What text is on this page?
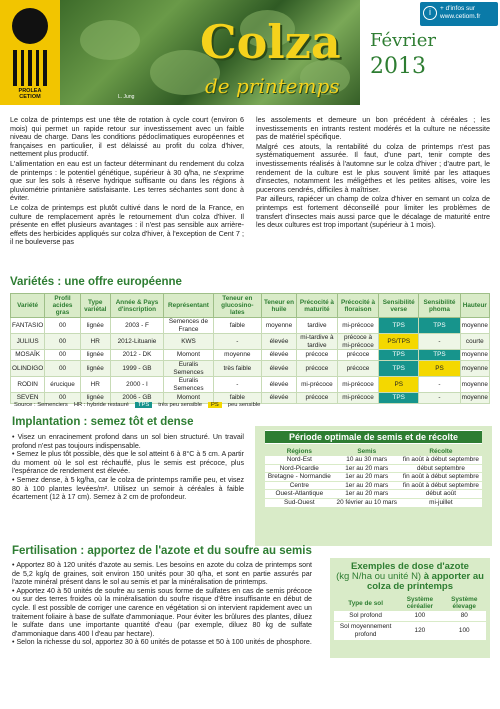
PROLEA
CETIOM
Colza
de printemps
L. Jung
Février
2013
i	+ d'infos sur
www.cetiom.fr

Le colza de printemps est une tête de rotation à cycle court (environ 6 mois) qui permet un rapide retour sur investissement avec un faible niveau de charge. Dans les conditions pédoclimatiques européennes et françaises en particulier, il est délaissé au profit du colza d'hiver, nettement plus productif.

L'alimentation en eau est un facteur déterminant du rendement du colza de printemps : le potentiel génétique, supérieur à 30 q/ha, ne s'exprime que sur les sols à réserve hydrique suffisante ou dans les régions à pluviométrie printanière satisfaisante. Les terres séchantes sont donc à éviter.

Le colza de printemps est plutôt cultivé dans le nord de la France, en culture de remplacement après le retournement d'un colza d'hiver. Il présente en effet plusieurs avantages : il n'est pas sensible aux arrière-effets des herbicides appliqués sur colza d'hiver, à l'exception de Cent 7 ; il ne bouleverse pas

les assolements et demeure un bon précédent à céréales ; les investissements en intrants restent modérés et la culture ne nécessite pas de matériel spécifique.

Malgré ces atouts, la rentabilité du colza de printemps n'est pas systématiquement assurée. Il faut, d'une part, tenir compte des investissements réalisés à l'automne sur le colza d'hiver ; d'autre part, le rendement de la culture est le plus souvent limité par les attaques d'insectes, notamment les méligèthes et les petites altises, voire les pucerons cendrés, difficiles à maîtriser.

Par ailleurs, rapiécer un champ de colza d'hiver en semant un colza de printemps est fortement déconseillé pour limiter les problèmes de transfert d'insectes mais aussi parce que le décalage de maturité entre les deux cultures est trop important (supérieur à 1 mois).

Variétés : une offre européenne
Variété	Profil acides gras	Type variétal	Année & Pays d'inscription	Représentant	Teneur en glucosino-lates	Teneur en huile	Précocité à maturité	Précocité à floraison	Sensibilité verse	Sensibilité phoma	Hauteur
FANTASIO	00	lignée	2003 - F	Semences de France	faible	moyenne	tardive	mi-précoce	TPS	TPS	moyenne
JULIUS	00	HR	2012-Lituanie	KWS	-	élevée	mi-tardive à tardive	précoce à mi-précoce	PS/TPS	-	courte
MOSAÏK	00	lignée	2012 - DK	Momont	moyenne	élevée	précoce	précoce	TPS	TPS	moyenne
OLINDIGO	00	lignée	1999 - GB	Euralis Semences	très faible	élevée	précoce	précoce	TPS	PS	moyenne
RODIN	érucique	HR	2000 - I	Euralis Semences	-	élevée	mi-précoce	mi-précoce	PS	-	moyenne
SEVEN	00	lignée	2006 - GB	Momont	faible	élevée	précoce	mi-précoce	TPS	-	moyenne
Source : Semenciers HR : hybride restauré	TPS	très peu sensible	PS	peu sensible
Implantation : semez tôt et dense

• Visez un enracinement profond dans un sol bien structuré. Un travail profond n'est pas toujours indispensable.

• Semez le plus tôt possible, dès que le sol atteint 6 à 8°C à 5 cm. A partir du moment où le sol est réchauffé, plus le semis est précoce, plus l'espérance de rendement est élevée.

• Semez dense, à 5 kg/ha, car le colza de printemps ramifie peu, et visez 80 à 100 plantes levées/m². Utilisez un semoir à céréales à faible écartement (12 à 17 cm). Semez à 2 cm de profondeur.

Période optimale de semis et de récolte
Régions	Semis	Récolte
Nord-Est	10 au 30 mars	fin août à début septembre
Nord-Picardie	1er au 20 mars	début septembre
Bretagne - Normandie	1er au 20 mars	fin août à début septembre
Centre	1er au 20 mars	fin août à début septembre
Ouest-Atlantique	1er au 20 mars	début août
Sud-Ouest	20 février au 10 mars	mi-juillet
Fertilisation : apportez de l'azote et du soufre au semis

• Apportez 80 à 120 unités d'azote au semis. Les besoins en azote du colza de printemps sont de 5,2 kg/q de graines, soit environ 150 unités pour 30 q/ha, et sont en partie assurés par l'azote minéral présent dans le sol au semis et par la minéralisation de printemps.

• Apportez 40 à 50 unités de soufre au semis sous forme de sulfates en cas de semis précoce ou sur des terres froides où la minéralisation du soufre risque d'être insuffisante en début de cycle. Il est possible de corriger une carence en végétation si on intervient rapidement avec un traitement foliaire à base de sulfate d'ammoniaque. Pour éviter les brûlures des plantes, diluez le sulfate dans une importante quantité d'eau (par exemple, diluez 80 kg de sulfate d'ammoniaque dans 400 l d'eau par hectare).

• Selon la richesse du sol, apportez 30 à 60 unités de potasse et 50 à 100 unités de phosphore.

Exemples de dose d'azote
(kg N/ha ou unité N) à apporter au colza de printemps
Type de sol	Système céréalier	Système élevage
Sol profond	100	80
Sol moyennement profond	120	100
